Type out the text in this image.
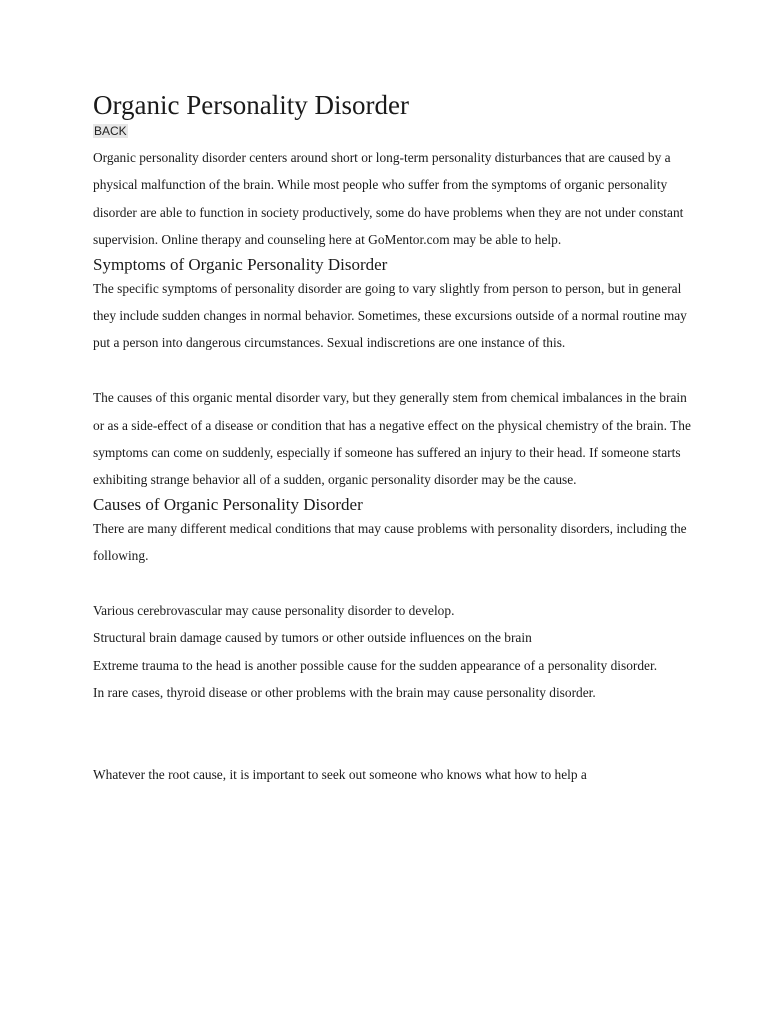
Organic Personality Disorder
BACK

Organic personality disorder centers around short or long-term personality disturbances that are caused by a physical malfunction of the brain. While most people who suffer from the symptoms of organic personality disorder are able to function in society productively, some do have problems when they are not under constant supervision. Online therapy and counseling here at GoMentor.com may be able to help.

Symptoms of Organic Personality Disorder

The specific symptoms of personality disorder are going to vary slightly from person to person, but in general they include sudden changes in normal behavior. Sometimes, these excursions outside of a normal routine may put a person into dangerous circumstances. Sexual indiscretions are one instance of this.

The causes of this organic mental disorder vary, but they generally stem from chemical imbalances in the brain or as a side-effect of a disease or condition that has a negative effect on the physical chemistry of the brain. The symptoms can come on suddenly, especially if someone has suffered an injury to their head. If someone starts exhibiting strange behavior all of a sudden, organic personality disorder may be the cause.

Causes of Organic Personality Disorder

There are many different medical conditions that may cause problems with personality disorders, including the following.

Various cerebrovascular may cause personality disorder to develop.

Structural brain damage caused by tumors or other outside influences on the brain

Extreme trauma to the head is another possible cause for the sudden appearance of a personality disorder.

In rare cases, thyroid disease or other problems with the brain may cause personality disorder.

Whatever the root cause, it is important to seek out someone who knows what how to help a
